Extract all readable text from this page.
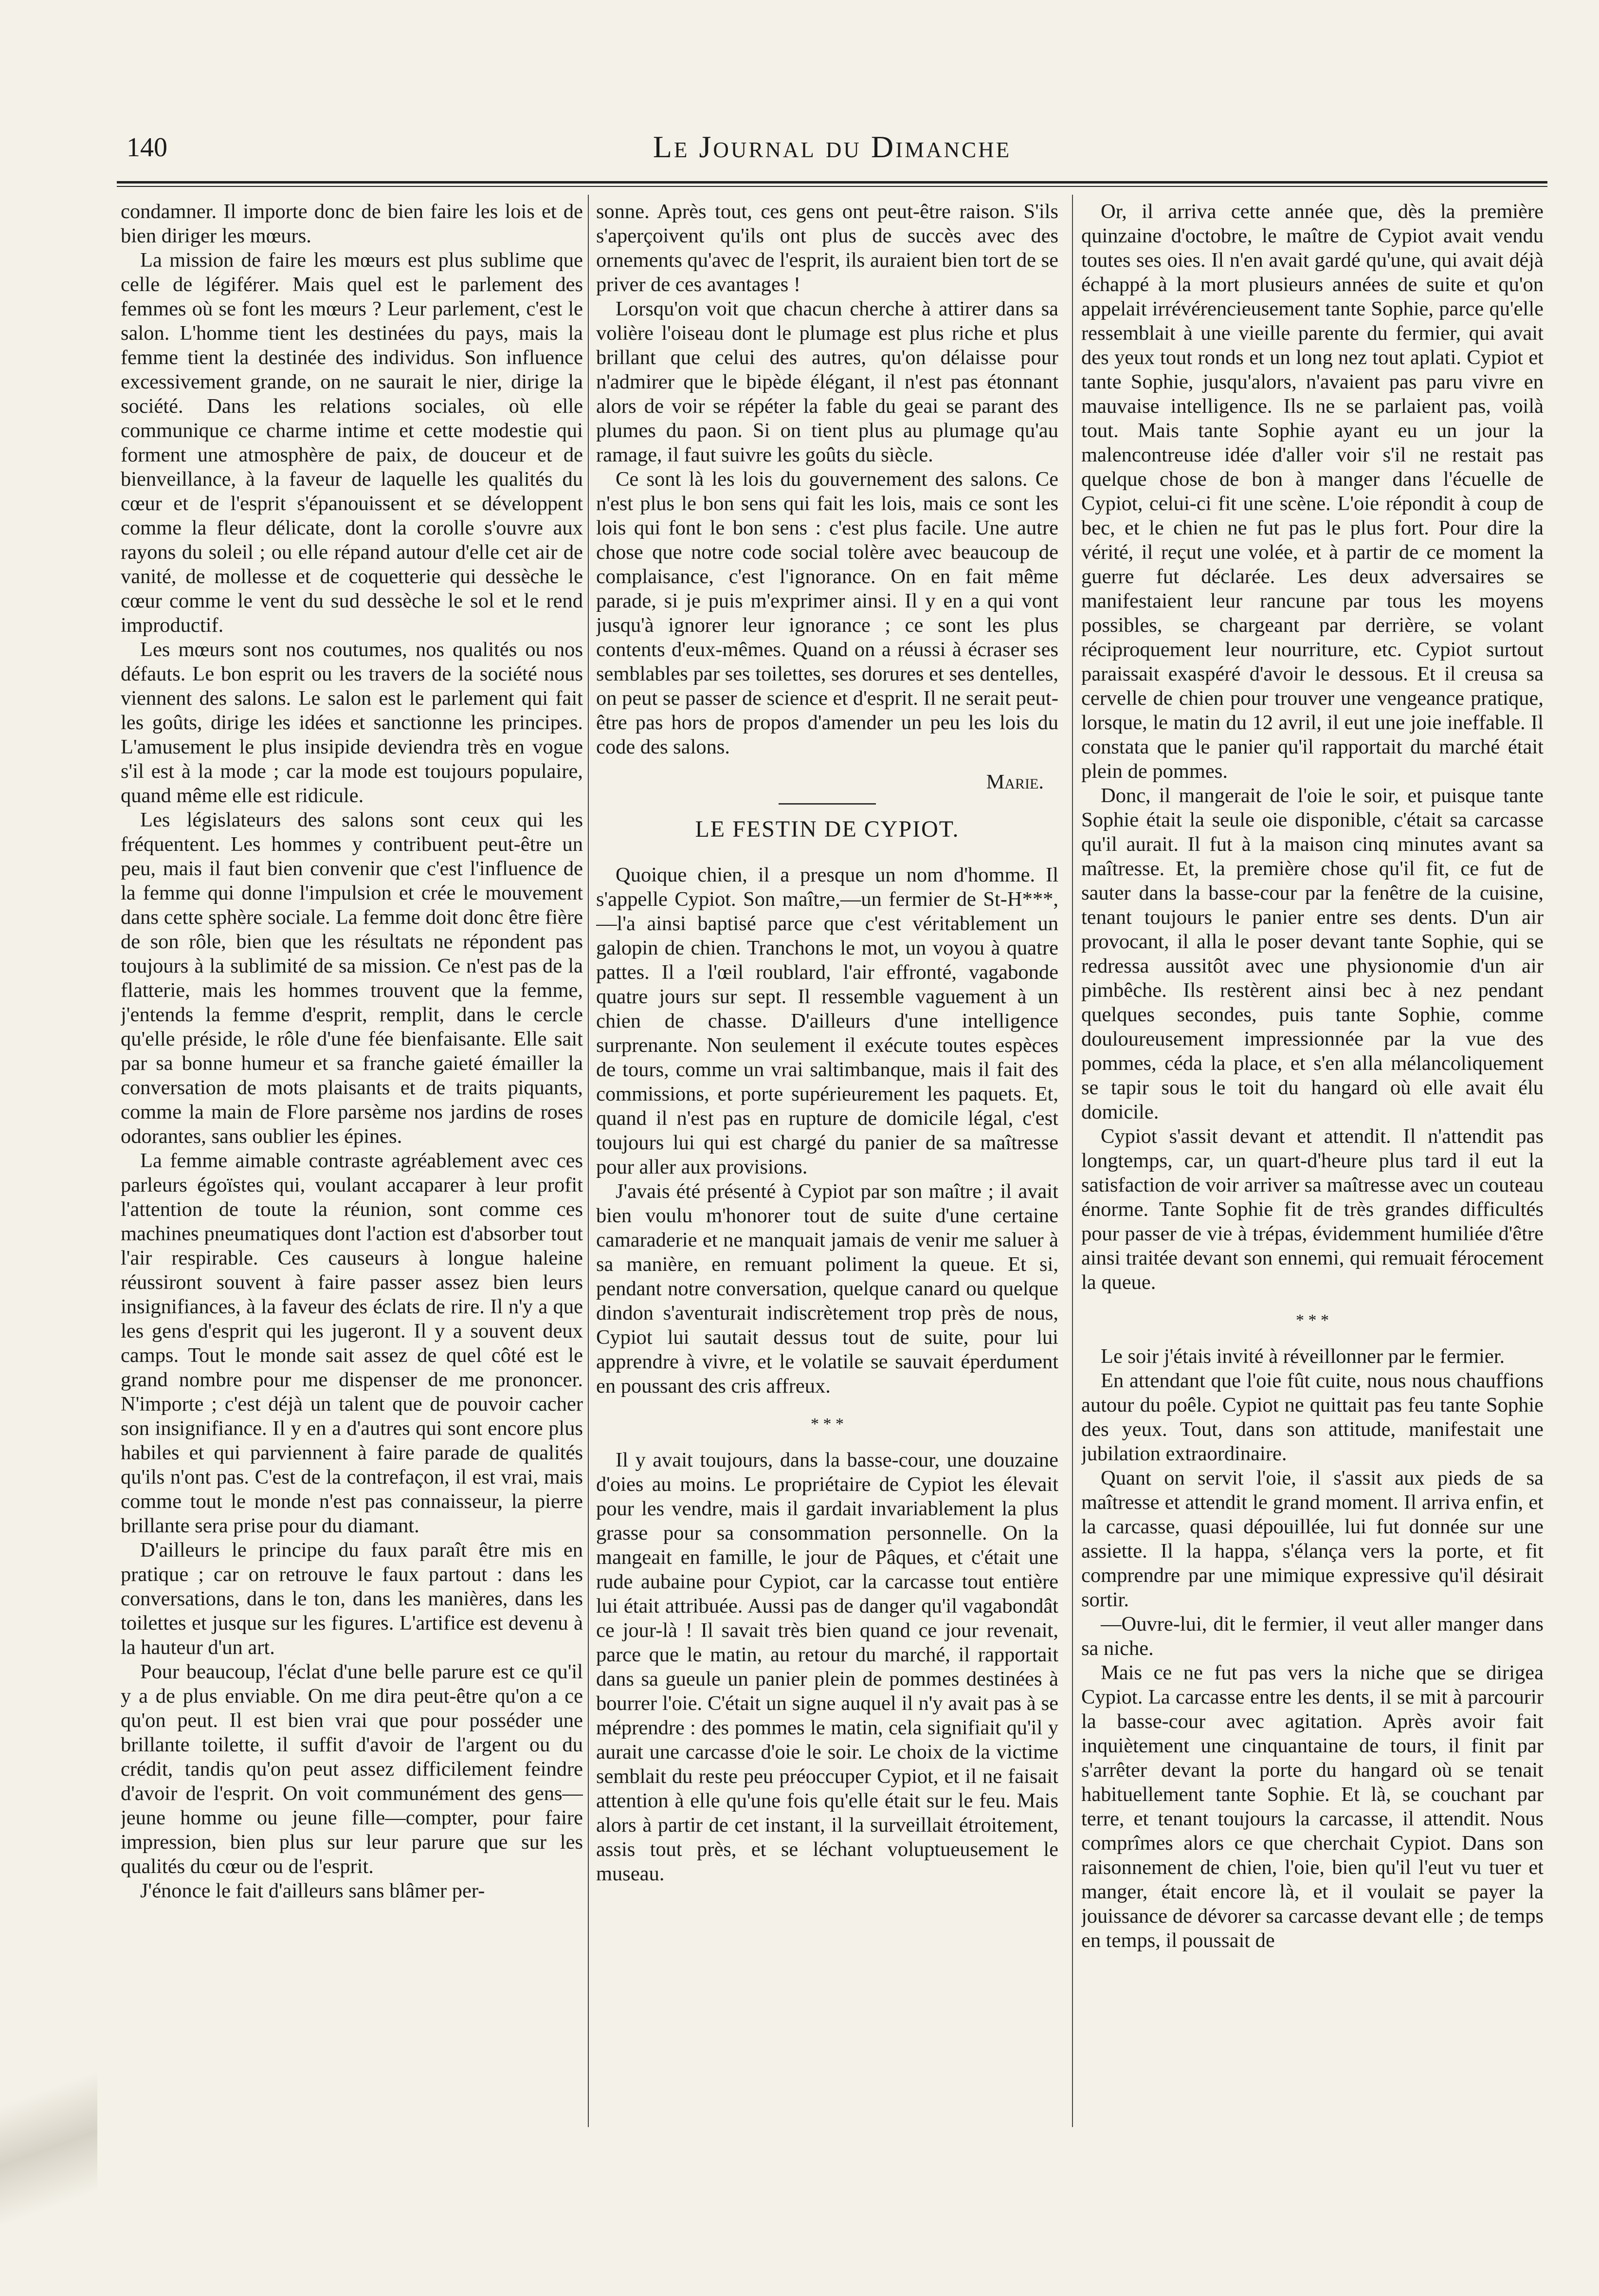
140	Le Journal du Dimanche

condamner. Il importe donc de bien faire les lois et de bien diriger les mœurs.

La mission de faire les mœurs est plus sublime que celle de légiférer. Mais quel est le parlement des femmes où se font les mœurs ? Leur parlement, c'est le salon. L'homme tient les destinées du pays, mais la femme tient la destinée des individus. Son influence excessivement grande, on ne saurait le nier, dirige la société. Dans les relations sociales, où elle communique ce charme intime et cette modestie qui forment une atmosphère de paix, de douceur et de bienveillance, à la faveur de laquelle les qualités du cœur et de l'esprit s'épanouissent et se développent comme la fleur délicate, dont la corolle s'ouvre aux rayons du soleil ; ou elle répand autour d'elle cet air de vanité, de mollesse et de coquetterie qui dessèche le cœur comme le vent du sud dessèche le sol et le rend improductif.

Les mœurs sont nos coutumes, nos qualités ou nos défauts. Le bon esprit ou les travers de la société nous viennent des salons. Le salon est le parlement qui fait les goûts, dirige les idées et sanctionne les principes. L'amusement le plus insipide deviendra très en vogue s'il est à la mode ; car la mode est toujours populaire, quand même elle est ridicule.

Les législateurs des salons sont ceux qui les fréquentent. Les hommes y contribuent peut-être un peu, mais il faut bien convenir que c'est l'influence de la femme qui donne l'impulsion et crée le mouvement dans cette sphère sociale. La femme doit donc être fière de son rôle, bien que les résultats ne répondent pas toujours à la sublimité de sa mission. Ce n'est pas de la flatterie, mais les hommes trouvent que la femme, j'entends la femme d'esprit, remplit, dans le cercle qu'elle préside, le rôle d'une fée bienfaisante. Elle sait par sa bonne humeur et sa franche gaieté émailler la conversation de mots plaisants et de traits piquants, comme la main de Flore parsème nos jardins de roses odorantes, sans oublier les épines.

La femme aimable contraste agréablement avec ces parleurs égoïstes qui, voulant accaparer à leur profit l'attention de toute la réunion, sont comme ces machines pneumatiques dont l'action est d'absorber tout l'air respirable. Ces causeurs à longue haleine réussiront souvent à faire passer assez bien leurs insignifiances, à la faveur des éclats de rire. Il n'y a que les gens d'esprit qui les jugeront. Il y a souvent deux camps. Tout le monde sait assez de quel côté est le grand nombre pour me dispenser de me prononcer. N'importe ; c'est déjà un talent que de pouvoir cacher son insignifiance. Il y en a d'autres qui sont encore plus habiles et qui parviennent à faire parade de qualités qu'ils n'ont pas. C'est de la contrefaçon, il est vrai, mais comme tout le monde n'est pas connaisseur, la pierre brillante sera prise pour du diamant.

D'ailleurs le principe du faux paraît être mis en pratique ; car on retrouve le faux partout : dans les conversations, dans le ton, dans les manières, dans les toilettes et jusque sur les figures. L'artifice est devenu à la hauteur d'un art.

Pour beaucoup, l'éclat d'une belle parure est ce qu'il y a de plus enviable. On me dira peut-être qu'on a ce qu'on peut. Il est bien vrai que pour posséder une brillante toilette, il suffit d'avoir de l'argent ou du crédit, tandis qu'on peut assez difficilement feindre d'avoir de l'esprit. On voit communément des gens—jeune homme ou jeune fille—compter, pour faire impression, bien plus sur leur parure que sur les qualités du cœur ou de l'esprit.

J'énonce le fait d'ailleurs sans blâmer per-

sonne. Après tout, ces gens ont peut-être raison. S'ils s'aperçoivent qu'ils ont plus de succès avec des ornements qu'avec de l'esprit, ils auraient bien tort de se priver de ces avantages !

Lorsqu'on voit que chacun cherche à attirer dans sa volière l'oiseau dont le plumage est plus riche et plus brillant que celui des autres, qu'on délaisse pour n'admirer que le bipède élégant, il n'est pas étonnant alors de voir se répéter la fable du geai se parant des plumes du paon. Si on tient plus au plumage qu'au ramage, il faut suivre les goûts du siècle.

Ce sont là les lois du gouvernement des salons. Ce n'est plus le bon sens qui fait les lois, mais ce sont les lois qui font le bon sens : c'est plus facile. Une autre chose que notre code social tolère avec beaucoup de complaisance, c'est l'ignorance. On en fait même parade, si je puis m'exprimer ainsi. Il y en a qui vont jusqu'à ignorer leur ignorance ; ce sont les plus contents d'eux-mêmes. Quand on a réussi à écraser ses semblables par ses toilettes, ses dorures et ses dentelles, on peut se passer de science et d'esprit. Il ne serait peut-être pas hors de propos d'amender un peu les lois du code des salons.

Marie.
LE FESTIN DE CYPIOT.

Quoique chien, il a presque un nom d'homme. Il s'appelle Cypiot. Son maître,—un fermier de St-H***,—l'a ainsi baptisé parce que c'est véritablement un galopin de chien. Tranchons le mot, un voyou à quatre pattes. Il a l'œil roublard, l'air effronté, vagabonde quatre jours sur sept. Il ressemble vaguement à un chien de chasse. D'ailleurs d'une intelligence surprenante. Non seulement il exécute toutes espèces de tours, comme un vrai saltimbanque, mais il fait des commissions, et porte supérieurement les paquets. Et, quand il n'est pas en rupture de domicile légal, c'est toujours lui qui est chargé du panier de sa maîtresse pour aller aux provisions.

J'avais été présenté à Cypiot par son maître ; il avait bien voulu m'honorer tout de suite d'une certaine camaraderie et ne manquait jamais de venir me saluer à sa manière, en remuant poliment la queue. Et si, pendant notre conversation, quelque canard ou quelque dindon s'aventurait indiscrètement trop près de nous, Cypiot lui sautait dessus tout de suite, pour lui apprendre à vivre, et le volatile se sauvait éperdument en poussant des cris affreux.

* * *

Il y avait toujours, dans la basse-cour, une douzaine d'oies au moins. Le propriétaire de Cypiot les élevait pour les vendre, mais il gardait invariablement la plus grasse pour sa consommation personnelle. On la mangeait en famille, le jour de Pâques, et c'était une rude aubaine pour Cypiot, car la carcasse tout entière lui était attribuée. Aussi pas de danger qu'il vagabondât ce jour-là ! Il savait très bien quand ce jour revenait, parce que le matin, au retour du marché, il rapportait dans sa gueule un panier plein de pommes destinées à bourrer l'oie. C'était un signe auquel il n'y avait pas à se méprendre : des pommes le matin, cela signifiait qu'il y aurait une carcasse d'oie le soir. Le choix de la victime semblait du reste peu préoccuper Cypiot, et il ne faisait attention à elle qu'une fois qu'elle était sur le feu. Mais alors à partir de cet instant, il la surveillait étroitement, assis tout près, et se léchant voluptueusement le museau.

Or, il arriva cette année que, dès la première quinzaine d'octobre, le maître de Cypiot avait vendu toutes ses oies. Il n'en avait gardé qu'une, qui avait déjà échappé à la mort plusieurs années de suite et qu'on appelait irrévérencieusement tante Sophie, parce qu'elle ressemblait à une vieille parente du fermier, qui avait des yeux tout ronds et un long nez tout aplati. Cypiot et tante Sophie, jusqu'alors, n'avaient pas paru vivre en mauvaise intelligence. Ils ne se parlaient pas, voilà tout. Mais tante Sophie ayant eu un jour la malencontreuse idée d'aller voir s'il ne restait pas quelque chose de bon à manger dans l'écuelle de Cypiot, celui-ci fit une scène. L'oie répondit à coup de bec, et le chien ne fut pas le plus fort. Pour dire la vérité, il reçut une volée, et à partir de ce moment la guerre fut déclarée. Les deux adversaires se manifestaient leur rancune par tous les moyens possibles, se chargeant par derrière, se volant réciproquement leur nourriture, etc. Cypiot surtout paraissait exaspéré d'avoir le dessous. Et il creusa sa cervelle de chien pour trouver une vengeance pratique, lorsque, le matin du 12 avril, il eut une joie ineffable. Il constata que le panier qu'il rapportait du marché était plein de pommes.

Donc, il mangerait de l'oie le soir, et puisque tante Sophie était la seule oie disponible, c'était sa carcasse qu'il aurait. Il fut à la maison cinq minutes avant sa maîtresse. Et, la première chose qu'il fit, ce fut de sauter dans la basse-cour par la fenêtre de la cuisine, tenant toujours le panier entre ses dents. D'un air provocant, il alla le poser devant tante Sophie, qui se redressa aussitôt avec une physionomie d'un air pimbêche. Ils restèrent ainsi bec à nez pendant quelques secondes, puis tante Sophie, comme douloureusement impressionnée par la vue des pommes, céda la place, et s'en alla mélancoliquement se tapir sous le toit du hangard où elle avait élu domicile.

Cypiot s'assit devant et attendit. Il n'attendit pas longtemps, car, un quart-d'heure plus tard il eut la satisfaction de voir arriver sa maîtresse avec un couteau énorme. Tante Sophie fit de très grandes difficultés pour passer de vie à trépas, évidemment humiliée d'être ainsi traitée devant son ennemi, qui remuait férocement la queue.

* * *

Le soir j'étais invité à réveillonner par le fermier.

En attendant que l'oie fût cuite, nous nous chauffions autour du poêle. Cypiot ne quittait pas feu tante Sophie des yeux. Tout, dans son attitude, manifestait une jubilation extraordinaire.

Quant on servit l'oie, il s'assit aux pieds de sa maîtresse et attendit le grand moment. Il arriva enfin, et la carcasse, quasi dépouillée, lui fut donnée sur une assiette. Il la happa, s'élança vers la porte, et fit comprendre par une mimique expressive qu'il désirait sortir.

—Ouvre-lui, dit le fermier, il veut aller manger dans sa niche.

Mais ce ne fut pas vers la niche que se dirigea Cypiot. La carcasse entre les dents, il se mit à parcourir la basse-cour avec agitation. Après avoir fait inquiètement une cinquantaine de tours, il finit par s'arrêter devant la porte du hangard où se tenait habituellement tante Sophie. Et là, se couchant par terre, et tenant toujours la carcasse, il attendit. Nous comprîmes alors ce que cherchait Cypiot. Dans son raisonnement de chien, l'oie, bien qu'il l'eut vu tuer et manger, était encore là, et il voulait se payer la jouissance de dévorer sa carcasse devant elle ; de temps en temps, il poussait de
